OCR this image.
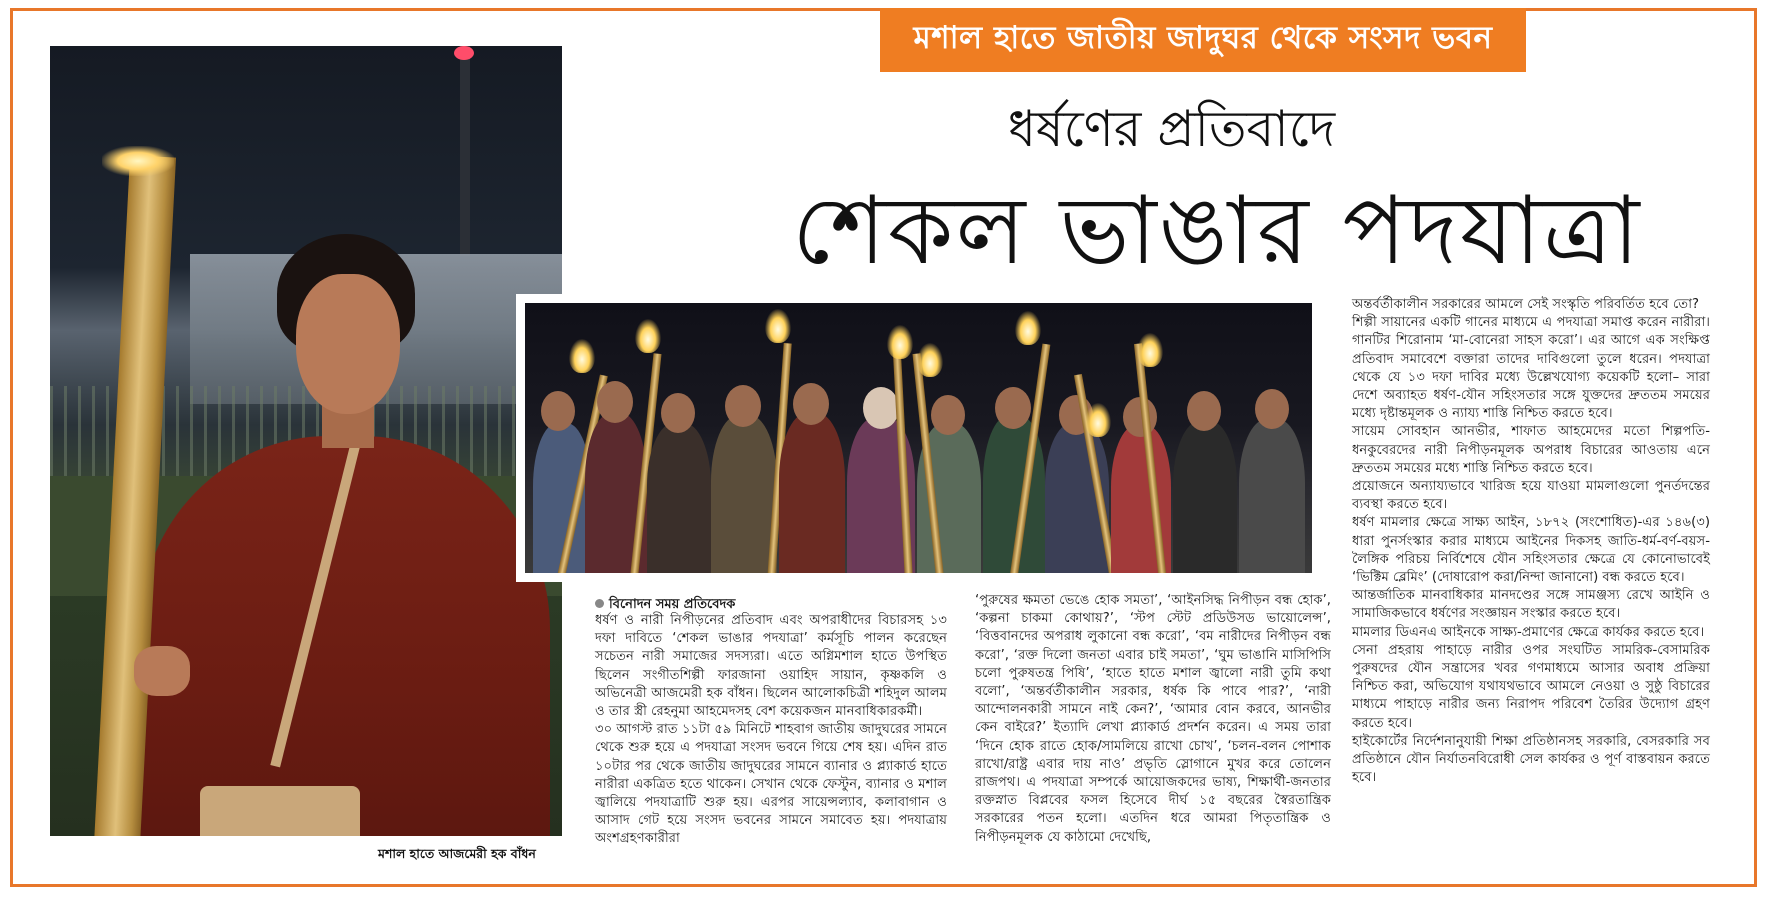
মশাল হাতে জাতীয় জাদুঘর থেকে সংসদ ভবন
ধর্ষণের প্রতিবাদে
শেকল ভাঙার পদযাত্রা
মশাল হাতে আজমেরী হক বাঁধন
বিনোদন সময় প্রতিবেদক

ধর্ষণ ও নারী নিপীড়নের প্রতিবাদ এবং অপরাধীদের বিচারসহ ১৩ দফা দাবিতে ‘শেকল ভাঙার পদযাত্রা’ কর্মসূচি পালন করেছেন সচেতন নারী সমাজের সদস্যরা। এতে অগ্নিমশাল হাতে উপস্থিত ছিলেন সংগীতশিল্পী ফারজানা ওয়াহিদ সায়ান, কৃষ্ণকলি ও অভিনেত্রী আজমেরী হক বাঁধন। ছিলেন আলোকচিত্রী শহিদুল আলম ও তার স্ত্রী রেহনুমা আহমেদসহ বেশ কয়েকজন মানবাধিকারকর্মী।

৩০ আগস্ট রাত ১১টা ৫৯ মিনিটে শাহবাগ জাতীয় জাদুঘরের সামনে থেকে শুরু হয়ে এ পদযাত্রা সংসদ ভবনে গিয়ে শেষ হয়। এদিন রাত ১০টার পর থেকে জাতীয় জাদুঘরের সামনে ব্যানার ও প্ল্যাকার্ড হাতে নারীরা একত্রিত হতে থাকেন। সেখান থেকে ফেস্টুন, ব্যানার ও মশাল জ্বালিয়ে পদযাত্রাটি শুরু হয়। এরপর সায়েন্সল্যাব, কলাবাগান ও আসাদ গেট হয়ে সংসদ ভবনের সামনে সমাবেত হয়। পদযাত্রায় অংশগ্রহণকারীরা

‘পুরুষের ক্ষমতা ভেঙে হোক সমতা’, ‘আইনসিদ্ধ নিপীড়ন বন্ধ হোক’, ‘কল্পনা চাকমা কোথায়?’, ‘স্টপ স্টেট প্রডিউসড ভায়োলেন্স’, ‘বিত্তবানদের অপরাধ লুকানো বন্ধ করো’, ‘বম নারীদের নিপীড়ন বন্ধ করো’, ‘রক্ত দিলো জনতা এবার চাই সমতা’, ‘ঘুম ভাঙানি মাসিপিসি চলো পুরুষতন্ত্র পিষি’, ‘হাতে হাতে মশাল জ্বালো নারী তুমি কথা বলো’, ‘অন্তর্বর্তীকালীন সরকার, ধর্ষক কি পাবে পার?’, ‘নারী আন্দোলনকারী সামনে নাই কেন?’, ‘আমার বোন করবে, আনভীর কেন বাইরে?’ ইত্যাদি লেখা প্ল্যাকার্ড প্রদর্শন করেন। এ সময় তারা ‘দিনে হোক রাতে হোক/সামলিয়ে রাখো চোখ’, ‘চলন-বলন পোশাক রাখো/রাষ্ট্র এবার দায় নাও’ প্রভৃতি স্লোগানে মুখর করে তোলেন রাজপথ। এ পদযাত্রা সম্পর্কে আয়োজকদের ভাষ্য, শিক্ষার্থী-জনতার রক্তস্নাত বিপ্লবের ফসল হিসেবে দীর্ঘ ১৫ বছরের স্বৈরতান্ত্রিক সরকারের পতন হলো। এতদিন ধরে আমরা পিতৃতান্ত্রিক ও নিপীড়নমূলক যে কাঠামো দেখেছি,

অন্তর্বর্তীকালীন সরকারের আমলে সেই সংস্কৃতি পরিবর্তিত হবে তো?

শিল্পী সায়ানের একটি গানের মাধ্যমে এ পদযাত্রা সমাপ্ত করেন নারীরা। গানটির শিরোনাম ‘মা-বোনেরা সাহস করো’। এর আগে এক সংক্ষিপ্ত প্রতিবাদ সমাবেশে বক্তারা তাদের দাবিগুলো তুলে ধরেন। পদযাত্রা থেকে যে ১৩ দফা দাবির মধ্যে উল্লেখযোগ্য কয়েকটি হলো– সারা দেশে অব্যাহত ধর্ষণ-যৌন সহিংসতার সঙ্গে যুক্তদের দ্রুততম সময়ের মধ্যে দৃষ্টান্তমূলক ও ন্যায্য শাস্তি নিশ্চিত করতে হবে।

সায়েম সোবহান আনভীর, শাফাত আহমেদের মতো শিল্পপতি-ধনকুবেরদের নারী নিপীড়নমূলক অপরাধ বিচারের আওতায় এনে দ্রুততম সময়ের মধ্যে শাস্তি নিশ্চিত করতে হবে।

প্রয়োজনে অন্যায্যভাবে খারিজ হয়ে যাওয়া মামলাগুলো পুনর্তদন্তের ব্যবস্থা করতে হবে।

ধর্ষণ মামলার ক্ষেত্রে সাক্ষ্য আইন, ১৮৭২ (সংশোধিত)-এর ১৪৬(৩) ধারা পুনর্সংস্কার করার মাধ্যমে আইনের দিকসহ জাতি-ধর্ম-বর্ণ-বয়স-লৈঙ্গিক পরিচয় নির্বিশেষে যৌন সহিংসতার ক্ষেত্রে যে কোনোভাবেই ‘ভিক্টিম ব্লেমিং’ (দোষারোপ করা/নিন্দা জানানো) বন্ধ করতে হবে।

আন্তর্জাতিক মানবাধিকার মানদণ্ডের সঙ্গে সামঞ্জস্য রেখে আইনি ও সামাজিকভাবে ধর্ষণের সংজ্ঞায়ন সংস্কার করতে হবে।

মামলার ডিএনএ আইনকে সাক্ষ্য-প্রমাণের ক্ষেত্রে কার্যকর করতে হবে।

সেনা প্রহরায় পাহাড়ে নারীর ওপর সংঘটিত সামরিক-বেসামরিক পুরুষদের যৌন সন্ত্রাসের খবর গণমাধ্যমে আসার অবাধ প্রক্রিয়া নিশ্চিত করা, অভিযোগ যথাযথভাবে আমলে নেওয়া ও সুষ্ঠু বিচারের মাধ্যমে পাহাড়ে নারীর জন্য নিরাপদ পরিবেশ তৈরির উদ্যোগ গ্রহণ করতে হবে।

হাইকোর্টের নির্দেশনানুযায়ী শিক্ষা প্রতিষ্ঠানসহ সরকারি, বেসরকারি সব প্রতিষ্ঠানে যৌন নির্যাতনবিরোধী সেল কার্যকর ও পূর্ণ বাস্তবায়ন করতে হবে।
